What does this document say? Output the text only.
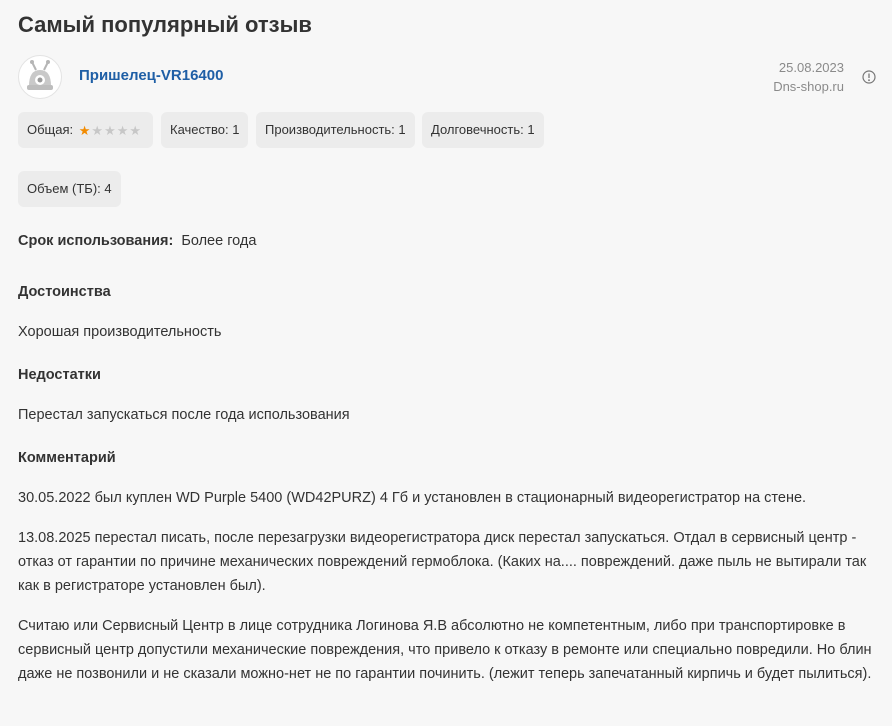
Самый популярный отзыв
Пришелец-VR16400	25.08.2023
Dns-shop.ru
Общая: ★★★★★	Качество: 1	Производительность: 1	Долговечность: 1
Объем (ТБ): 4

Срок использования: Более года

Достоинства

Хорошая производительность

Недостатки

Перестал запускаться после года использования

Комментарий

30.05.2022 был куплен WD Purple 5400 (WD42PURZ) 4 Гб и установлен в стационарный видеорегистратор на стене.

13.08.2025 перестал писать, после перезагрузки видеорегистратора диск перестал запускаться. Отдал в сервисный центр - отказ от гарантии по причине механических повреждений гермоблока. (Каких на.... повреждений. даже пыль не вытирали так как в регистраторе установлен был).

Считаю или Сервисный Центр в лице сотрудника Логинова Я.В абсолютно не компетентным, либо при транспортировке в сервисный центр допустили механические повреждения, что привело к отказу в ремонте или специально повредили. Но блин даже не позвонили и не сказали можно-нет не по гарантии починить. (лежит теперь запечатанный кирпичь и будет пылиться).
